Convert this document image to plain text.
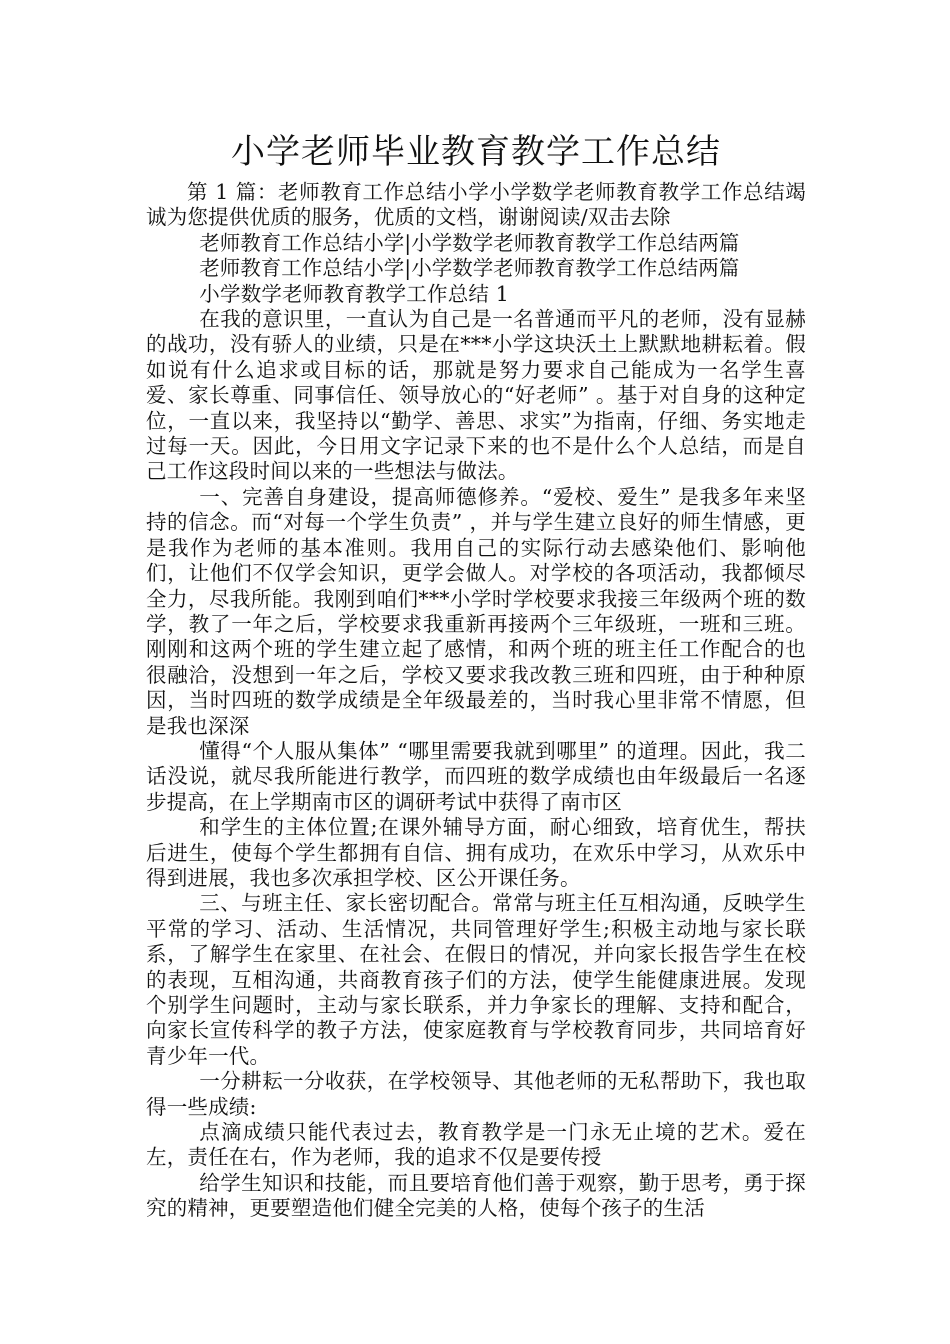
小学老师毕业教育教学工作总结

第 1 篇：老师教育工作总结小学小学数学老师教育教学工作总结竭诚为您提供优质的服务，优质的文档，谢谢阅读/双击去除

老师教育工作总结小学|小学数学老师教育教学工作总结两篇

老师教育工作总结小学|小学数学老师教育教学工作总结两篇

小学数学老师教育教学工作总结 1

在我的意识里，一直认为自己是一名普通而平凡的老师，没有显赫的战功，没有骄人的业绩，只是在***小学这块沃土上默默地耕耘着。假如说有什么追求或目标的话，那就是努力要求自己能成为一名学生喜爱、家长尊重、同事信任、领导放心的“好老师” 。基于对自身的这种定位，一直以来，我坚持以“勤学、善思、求实”为指南，仔细、务实地走过每一天。因此，今日用文字记录下来的也不是什么个人总结，而是自己工作这段时间以来的一些想法与做法。

一、完善自身建设，提高师德修养。“爱校、爱生” 是我多年来坚持的信念。而“对每一个学生负责” ，并与学生建立良好的师生情感，更是我作为老师的基本准则。我用自己的实际行动去感染他们、影响他们，让他们不仅学会知识，更学会做人。对学校的各项活动，我都倾尽全力，尽我所能。我刚到咱们***小学时学校要求我接三年级两个班的数学，教了一年之后，学校要求我重新再接两个三年级班，一班和三班。刚刚和这两个班的学生建立起了感情，和两个班的班主任工作配合的也很融洽，没想到一年之后，学校又要求我改教三班和四班，由于种种原因，当时四班的数学成绩是全年级最差的，当时我心里非常不情愿，但是我也深深

懂得“个人服从集体” “哪里需要我就到哪里” 的道理。因此，我二话没说，就尽我所能进行教学，而四班的数学成绩也由年级最后一名逐步提高，在上学期南市区的调研考试中获得了南市区

和学生的主体位置;在课外辅导方面，耐心细致，培育优生，帮扶后进生，使每个学生都拥有自信、拥有成功，在欢乐中学习，从欢乐中得到进展，我也多次承担学校、区公开课任务。

三、与班主任、家长密切配合。常常与班主任互相沟通，反映学生平常的学习、活动、生活情况，共同管理好学生;积极主动地与家长联系，了解学生在家里、在社会、在假日的情况，并向家长报告学生在校的表现，互相沟通，共商教育孩子们的方法，使学生能健康进展。发现个别学生问题时，主动与家长联系，并力争家长的理解、支持和配合，向家长宣传科学的教子方法，使家庭教育与学校教育同步，共同培育好青少年一代。

一分耕耘一分收获，在学校领导、其他老师的无私帮助下，我也取得一些成绩:

点滴成绩只能代表过去，教育教学是一门永无止境的艺术。爱在左，责任在右，作为老师，我的追求不仅是要传授

给学生知识和技能，而且要培育他们善于观察，勤于思考，勇于探究的精神，更要塑造他们健全完美的人格，使每个孩子的生活
